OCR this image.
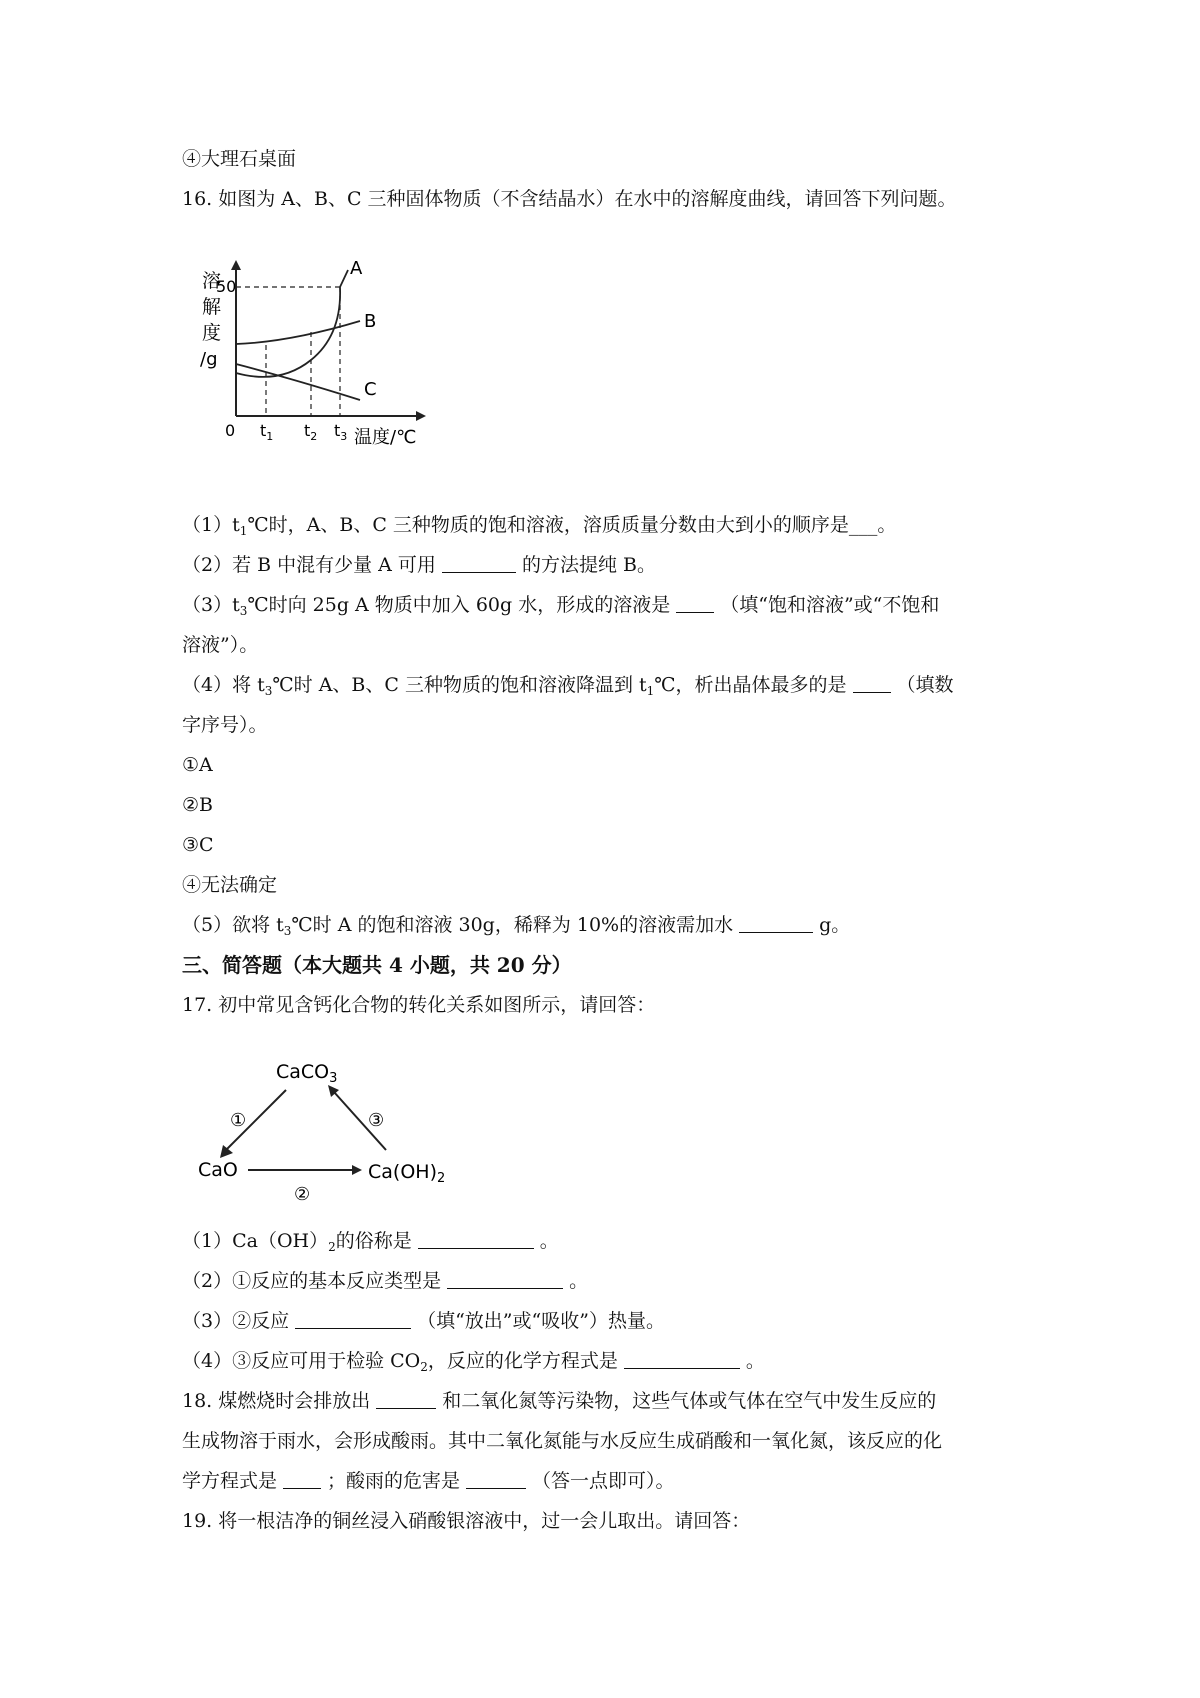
④大理石桌面
16. 如图为 A、B、C 三种固体物质（不含结晶水）在水中的溶解度曲线，请回答下列问题。
溶
解
度
/g
50
A
B
C
0 $t_1$ $t_2$ $t_3$ 温度/℃
$(1)t_1℃$时，A、B、C 三种物质的饱和溶液，溶质质量分数由大到小的顺序是___。
（2）若 B 中混有少量 A 可用	的方法提纯 B。
$(3)t_3℃$时向 25g A 物质中加入 60g 水，形成的溶液是	（填“饱和溶液”或“不饱和
溶液”）。
（4）将 $t_3℃$时 A、B、C 三种物质的饱和溶液降温到 $t_1℃$，析出晶体最多的是	（填数
字序号）。
①A
②B
③C
④无法确定
（5）欲将 $t_3℃$时 A 的饱和溶液 30g，稀释为 10%的溶液需加水	g。
三、简答题（本大题共 4 小题，共 20 分）
17. 初中常见含钙化合物的转化关系如图所示，请回答：
CaCO$_3$
CaO	$Ca(OH)_2$
①
②
③
$(1)Ca(OH)_2$的俗称是	。
（2）①反应的基本反应类型是	。
（3）②反应	（填“放出”或“吸收”）热量。
（4）③反应可用于检验 $CO_2$，反应的化学方程式是	。
18. 煤燃烧时会排放出	和二氧化氮等污染物，这些气体或气体在空气中发生反应的
生成物溶于雨水，会形成酸雨。其中二氧化氮能与水反应生成硝酸和一氧化氮，该反应的化
学方程式是	；酸雨的危害是	（答一点即可）。
19. 将一根洁净的铜丝浸入硝酸银溶液中，过一会儿取出。请回答：
